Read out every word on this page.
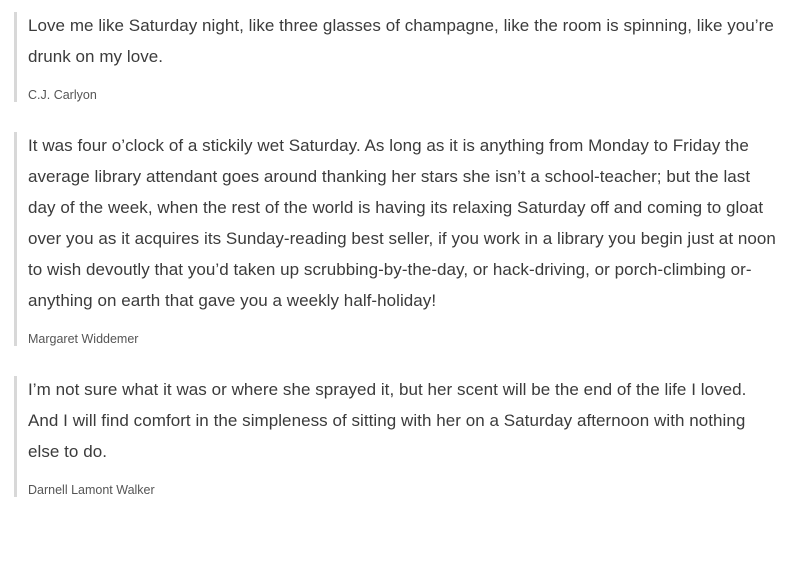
Love me like Saturday night, like three glasses of champagne, like the room is spinning, like you’re drunk on my love.

C.J. Carlyon

It was four o’clock of a stickily wet Saturday. As long as it is anything from Monday to Friday the average library attendant goes around thanking her stars she isn’t a school-teacher; but the last day of the week, when the rest of the world is having its relaxing Saturday off and coming to gloat over you as it acquires its Sunday-reading best seller, if you work in a library you begin just at noon to wish devoutly that you’d taken up scrubbing-by-the-day, or hack-driving, or porch-climbing or- anything on earth that gave you a weekly half-holiday!

Margaret Widdemer

I’m not sure what it was or where she sprayed it, but her scent will be the end of the life I loved. And I will find comfort in the simpleness of sitting with her on a Saturday afternoon with nothing else to do.

Darnell Lamont Walker
